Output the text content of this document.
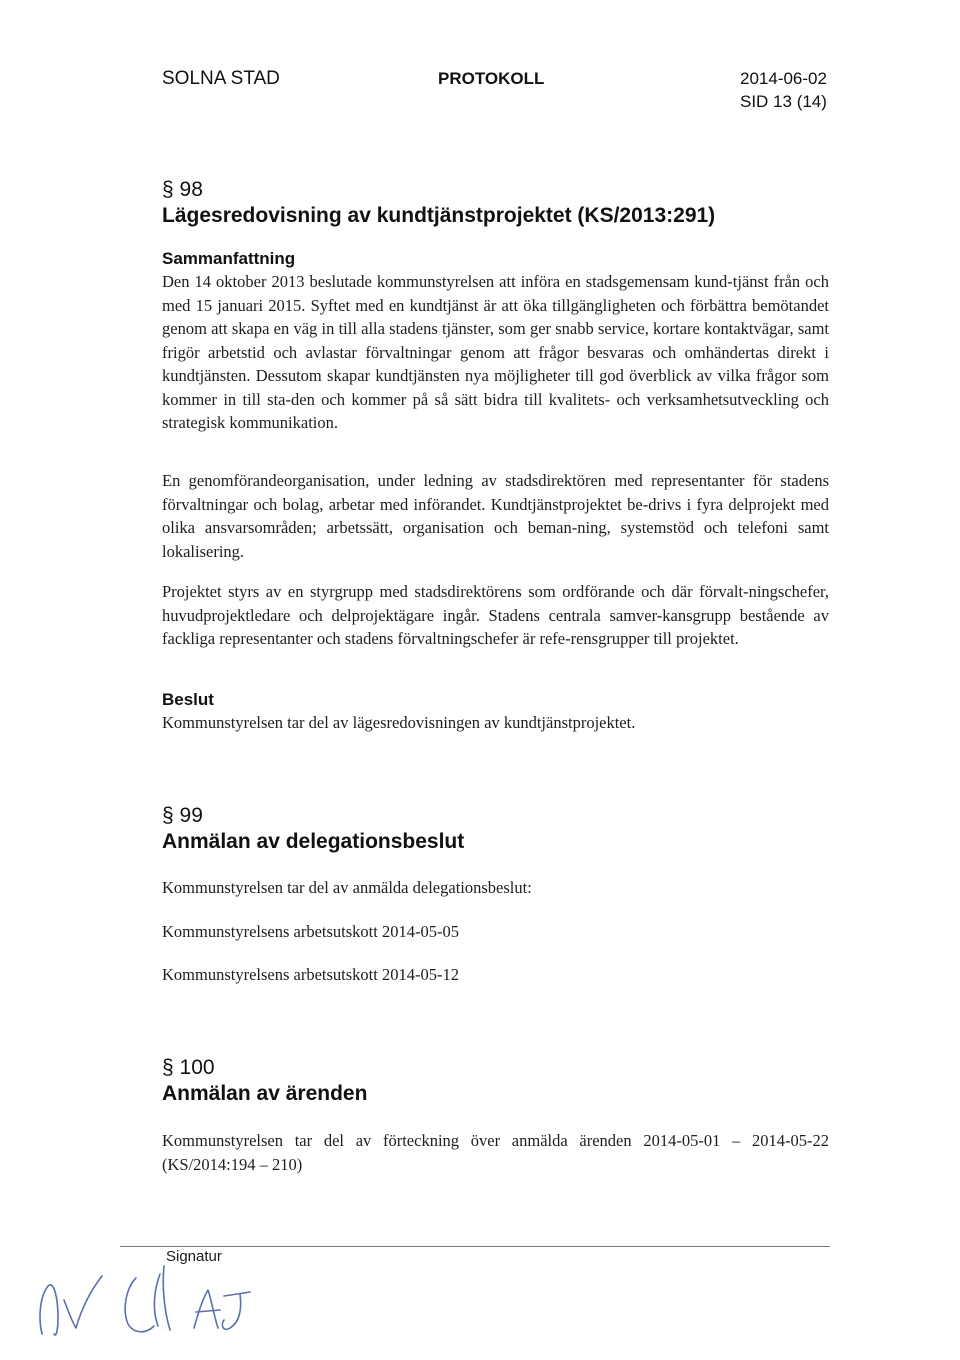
SOLNA STAD	PROTOKOLL	2014-06-02
SID 13 (14)
§ 98
Lägesredovisning av kundtjänstprojektet (KS/2013:291)
Sammanfattning
Den 14 oktober 2013 beslutade kommunstyrelsen att införa en stadsgemensam kund-tjänst från och med 15 januari 2015. Syftet med en kundtjänst är att öka tillgängligheten och förbättra bemötandet genom att skapa en väg in till alla stadens tjänster, som ger snabb service, kortare kontaktvägar, samt frigör arbetstid och avlastar förvaltningar genom att frågor besvaras och omhändertas direkt i kundtjänsten. Dessutom skapar kundtjänsten nya möjligheter till god överblick av vilka frågor som kommer in till sta-den och kommer på så sätt bidra till kvalitets- och verksamhetsutveckling och strategisk kommunikation.
En genomförandeorganisation, under ledning av stadsdirektören med representanter för stadens förvaltningar och bolag, arbetar med införandet. Kundtjänstprojektet be-drivs i fyra delprojekt med olika ansvarsområden; arbetssätt, organisation och beman-ning, systemstöd och telefoni samt lokalisering.
Projektet styrs av en styrgrupp med stadsdirektörens som ordförande och där förvalt-ningschefer, huvudprojektledare och delprojektägare ingår. Stadens centrala samver-kansgrupp bestående av fackliga representanter och stadens förvaltningschefer är refe-rensgrupper till projektet.
Beslut
Kommunstyrelsen tar del av lägesredovisningen av kundtjänstprojektet.
§ 99
Anmälan av delegationsbeslut
Kommunstyrelsen tar del av anmälda delegationsbeslut:
Kommunstyrelsens arbetsutskott 2014-05-05
Kommunstyrelsens arbetsutskott 2014-05-12
§ 100
Anmälan av ärenden
Kommunstyrelsen tar del av förteckning över anmälda ärenden 2014-05-01 – 2014-05-22 (KS/2014:194 – 210)
Signatur
